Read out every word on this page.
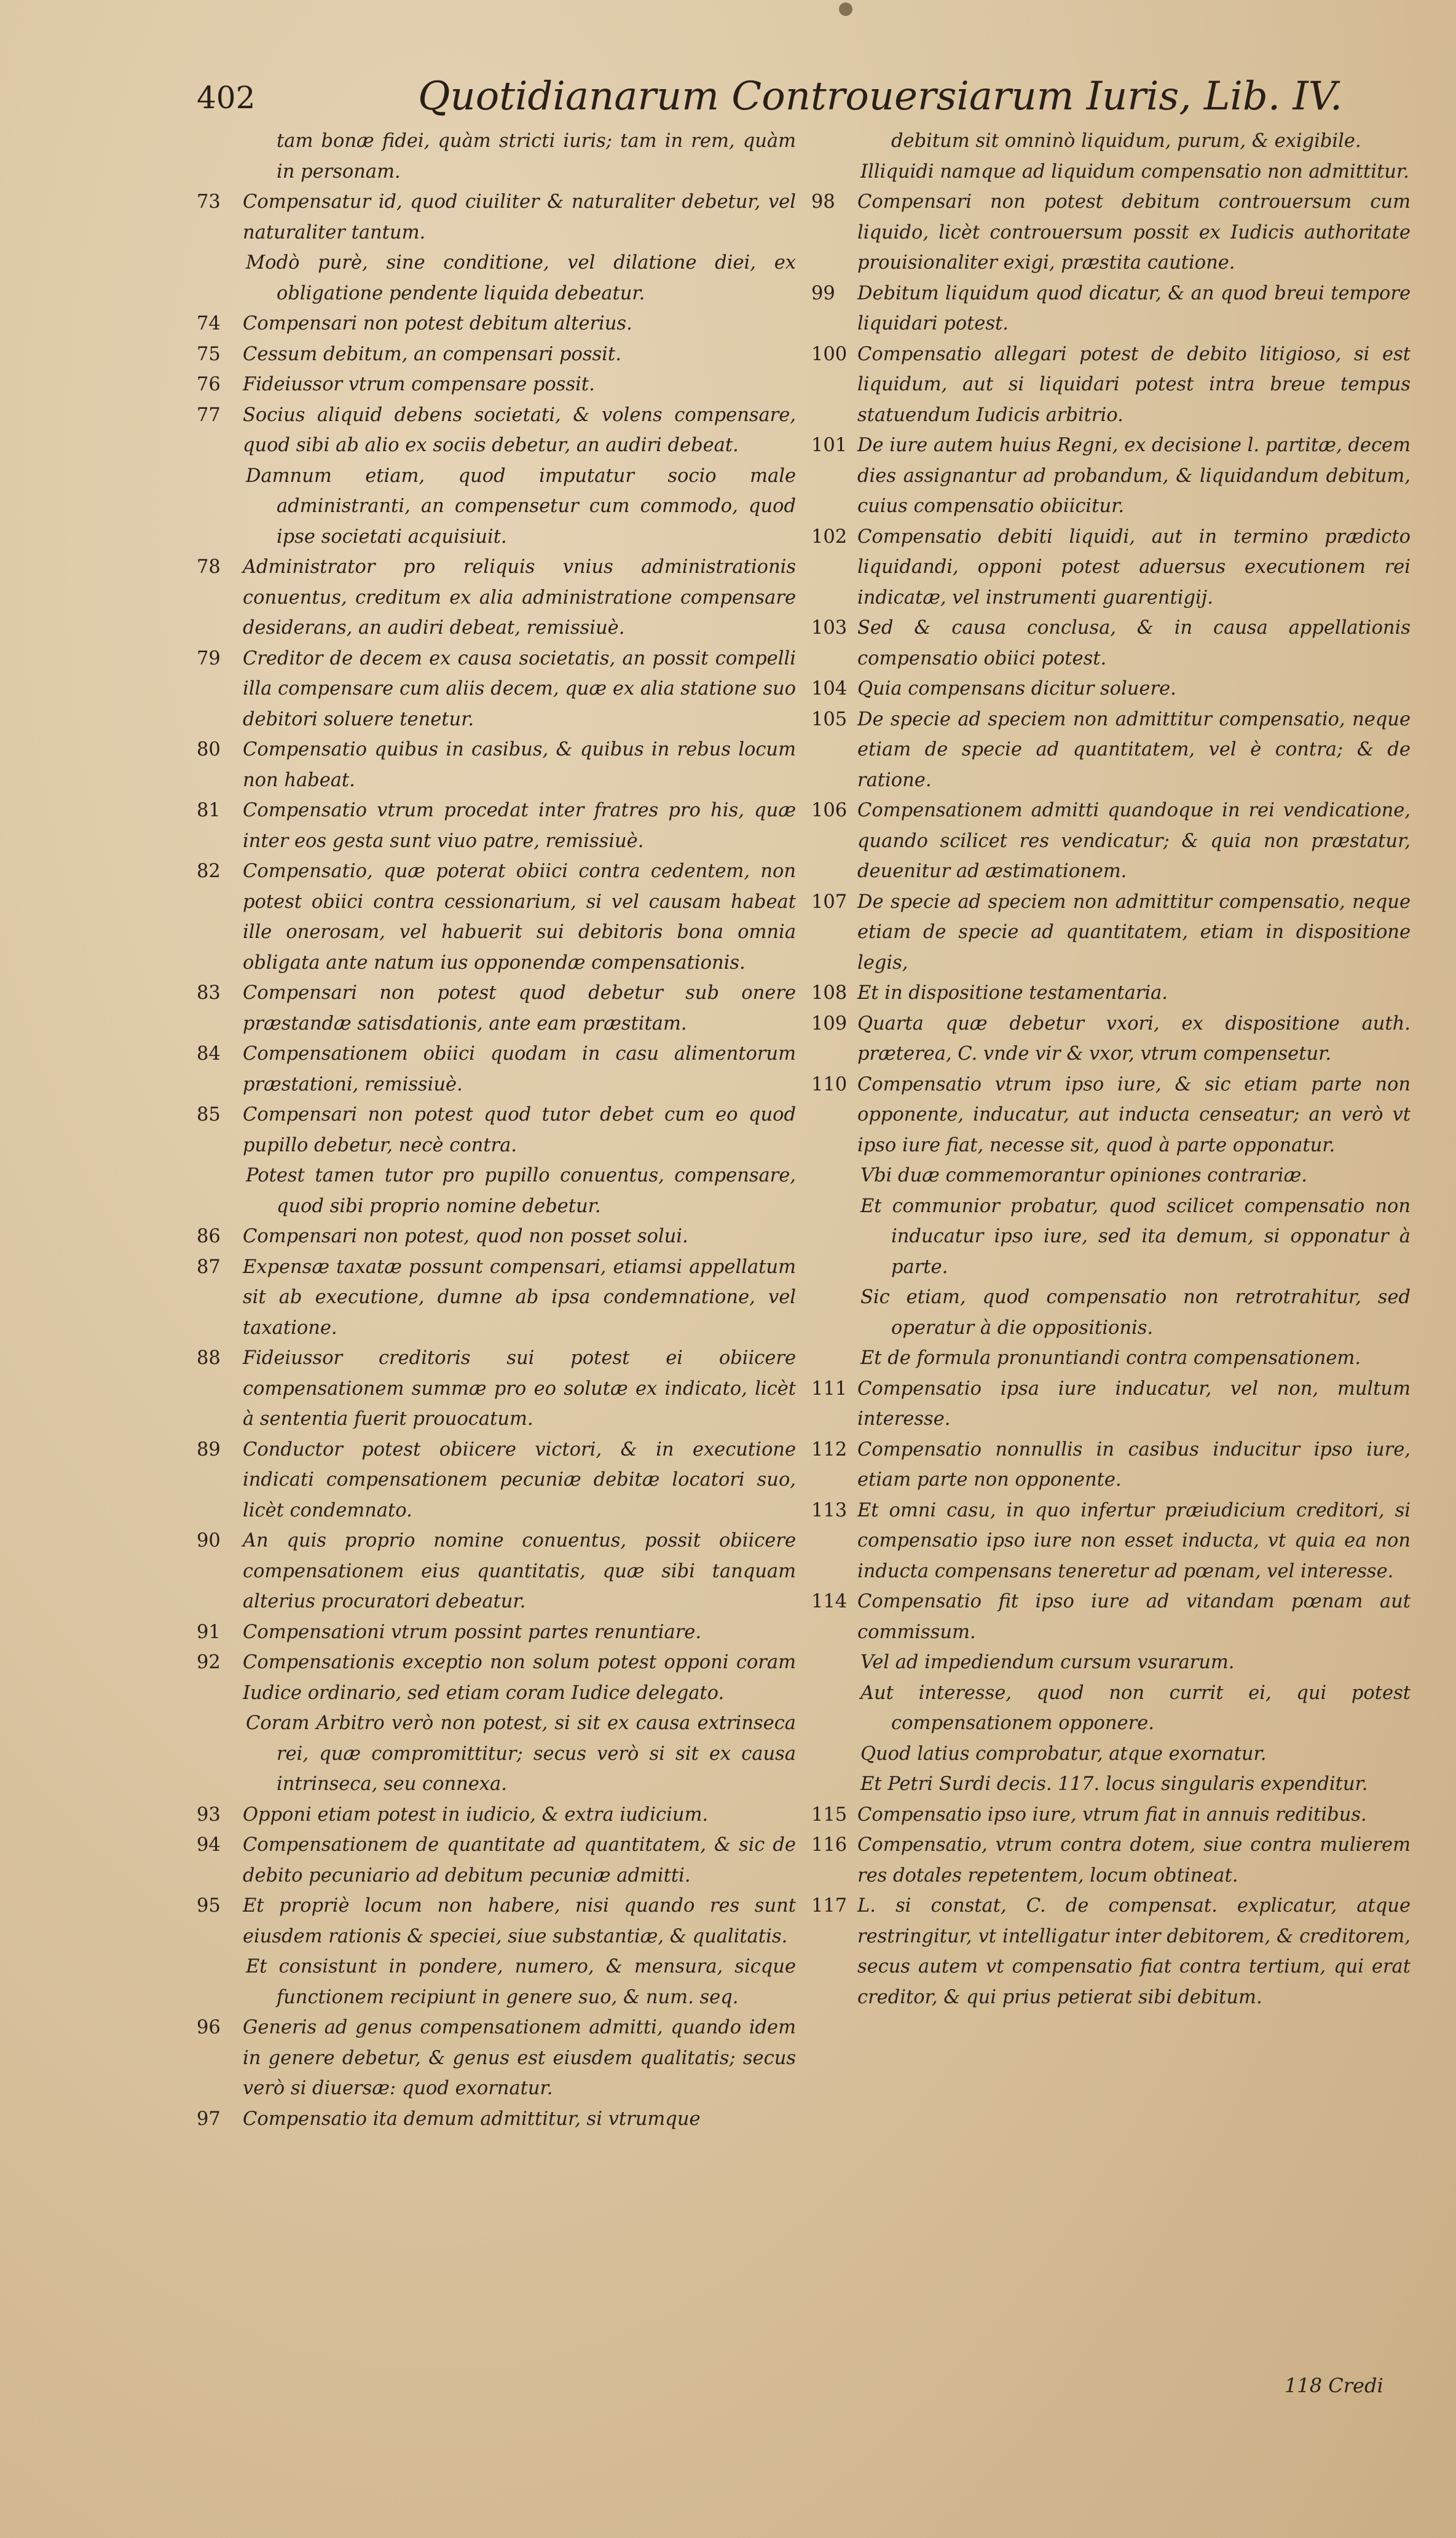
402	Quotidianarum Controuersiarum Iuris, Lib. IV.

tam bonæ fidei, quàm stricti iuris; tam in rem, quàm in personam.

73 Compensatur id, quod ciuiliter & naturaliter debetur, vel naturaliter tantum.

Modò purè, sine conditione, vel dilatione diei, ex obligatione pendente liquida debeatur.

74 Compensari non potest debitum alterius.

75 Cessum debitum, an compensari possit.

76 Fideiussor vtrum compensare possit.

77 Socius aliquid debens societati, & volens compensare, quod sibi ab alio ex sociis debetur, an audiri debeat.

Damnum etiam, quod imputatur socio male administranti, an compensetur cum commodo, quod ipse societati acquisiuit.

78 Administrator pro reliquis vnius administrationis conuentus, creditum ex alia administratione compensare desiderans, an audiri debeat, remissiuè.

79 Creditor de decem ex causa societatis, an possit compelli illa compensare cum aliis decem, quæ ex alia statione suo debitori soluere tenetur.

80 Compensatio quibus in casibus, & quibus in rebus locum non habeat.

81 Compensatio vtrum procedat inter fratres pro his, quæ inter eos gesta sunt viuo patre, remissiuè.

82 Compensatio, quæ poterat obiici contra cedentem, non potest obiici contra cessionarium, si vel causam habeat ille onerosam, vel habuerit sui debitoris bona omnia obligata ante natum ius opponendæ compensationis.

83 Compensari non potest quod debetur sub onere præstandæ satisdationis, ante eam præstitam.

84 Compensationem obiici quodam in casu alimentorum præstationi, remissiuè.

85 Compensari non potest quod tutor debet cum eo quod pupillo debetur, necè contra.

Potest tamen tutor pro pupillo conuentus, compensare, quod sibi proprio nomine debetur.

86 Compensari non potest, quod non posset solui.

87 Expensæ taxatæ possunt compensari, etiamsi appellatum sit ab executione, dumne ab ipsa condemnatione, vel taxatione.

88 Fideiussor creditoris sui potest ei obiicere compensationem summæ pro eo solutæ ex indicato, licèt à sententia fuerit prouocatum.

89 Conductor potest obiicere victori, & in executione indicati compensationem pecuniæ debitæ locatori suo, licèt condemnato.

90 An quis proprio nomine conuentus, possit obiicere compensationem eius quantitatis, quæ sibi tanquam alterius procuratori debeatur.

91 Compensationi vtrum possint partes renuntiare.

92 Compensationis exceptio non solum potest opponi coram Iudice ordinario, sed etiam coram Iudice delegato.

Coram Arbitro verò non potest, si sit ex causa extrinseca rei, quæ compromittitur; secus verò si sit ex causa intrinseca, seu connexa.

93 Opponi etiam potest in iudicio, & extra iudicium.

94 Compensationem de quantitate ad quantitatem, & sic de debito pecuniario ad debitum pecuniæ admitti.

95 Et propriè locum non habere, nisi quando res sunt eiusdem rationis & speciei, siue substantiæ, & qualitatis.

Et consistunt in pondere, numero, & mensura, sicque functionem recipiunt in genere suo, & num. seq.

96 Generis ad genus compensationem admitti, quando idem in genere debetur, & genus est eiusdem qualitatis; secus verò si diuersæ: quod exornatur.

97 Compensatio ita demum admittitur, si vtrumque

debitum sit omninò liquidum, purum, & exigibile.

Illiquidi namque ad liquidum compensatio non admittitur.

98 Compensari non potest debitum controuersum cum liquido, licèt controuersum possit ex Iudicis authoritate prouisionaliter exigi, præstita cautione.

99 Debitum liquidum quod dicatur, & an quod breui tempore liquidari potest.

100 Compensatio allegari potest de debito litigioso, si est liquidum, aut si liquidari potest intra breue tempus statuendum Iudicis arbitrio.

101 De iure autem huius Regni, ex decisione l. partitæ, decem dies assignantur ad probandum, & liquidandum debitum, cuius compensatio obiicitur.

102 Compensatio debiti liquidi, aut in termino prædicto liquidandi, opponi potest aduersus executionem rei indicatæ, vel instrumenti guarentigij.

103 Sed & causa conclusa, & in causa appellationis compensatio obiici potest.

104 Quia compensans dicitur soluere.

105 De specie ad speciem non admittitur compensatio, neque etiam de specie ad quantitatem, vel è contra; & de ratione.

106 Compensationem admitti quandoque in rei vendicatione, quando scilicet res vendicatur; & quia non præstatur, deuenitur ad æstimationem.

107 De specie ad speciem non admittitur compensatio, neque etiam de specie ad quantitatem, etiam in dispositione legis,

108 Et in dispositione testamentaria.

109 Quarta quæ debetur vxori, ex dispositione auth. præterea, C. vnde vir & vxor, vtrum compensetur.

110 Compensatio vtrum ipso iure, & sic etiam parte non opponente, inducatur, aut inducta censeatur; an verò vt ipso iure fiat, necesse sit, quod à parte opponatur.

Vbi duæ commemorantur opiniones contrariæ.

Et communior probatur, quod scilicet compensatio non inducatur ipso iure, sed ita demum, si opponatur à parte.

Sic etiam, quod compensatio non retrotrahitur, sed operatur à die oppositionis.

Et de formula pronuntiandi contra compensationem.

111 Compensatio ipsa iure inducatur, vel non, multum interesse.

112 Compensatio nonnullis in casibus inducitur ipso iure, etiam parte non opponente.

113 Et omni casu, in quo infertur præiudicium creditori, si compensatio ipso iure non esset inducta, vt quia ea non inducta compensans teneretur ad pœnam, vel interesse.

114 Compensatio fit ipso iure ad vitandam pœnam aut commissum.

Vel ad impediendum cursum vsurarum.

Aut interesse, quod non currit ei, qui potest compensationem opponere.

Quod latius comprobatur, atque exornatur.

Et Petri Surdi decis. 117. locus singularis expenditur.

115 Compensatio ipso iure, vtrum fiat in annuis reditibus.

116 Compensatio, vtrum contra dotem, siue contra mulierem res dotales repetentem, locum obtineat.

117 L. si constat, C. de compensat. explicatur, atque restringitur, vt intelligatur inter debitorem, & creditorem, secus autem vt compensatio fiat contra tertium, qui erat creditor, & qui prius petierat sibi debitum.

118 Credi
